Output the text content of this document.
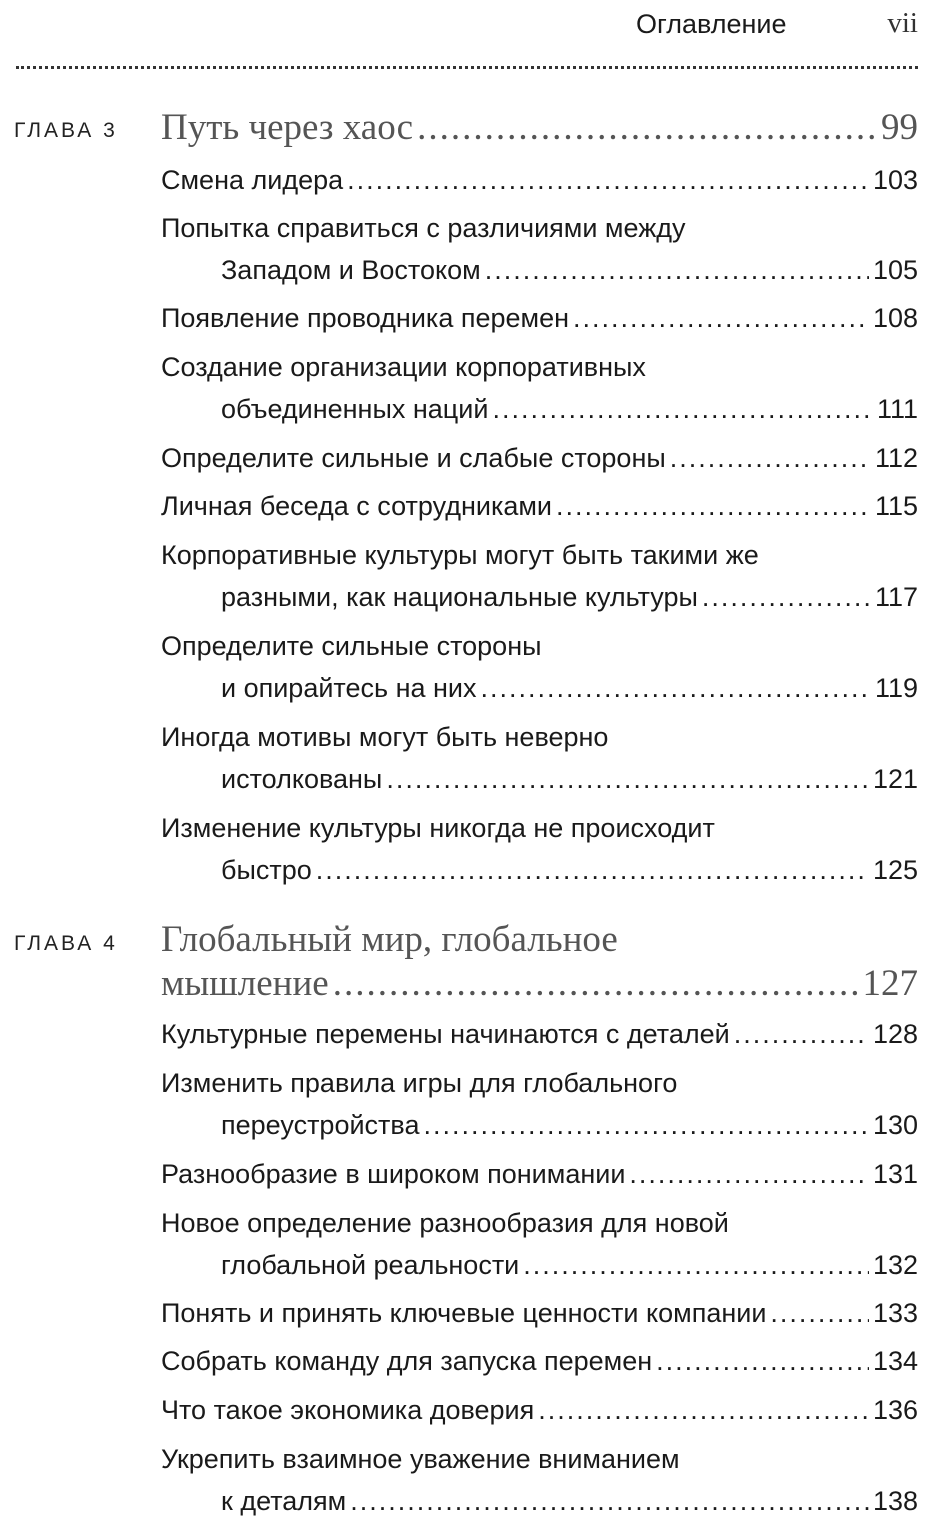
Оглавление	vii
ГЛАВА 3 Путь через хаос .....	99
Смена лидера .....	103
Попытка справиться с различиями между
Западом и Востоком .....	105
Появление проводника перемен .....	108
Создание организации корпоративных
объединенных наций .....	111
Определите сильные и слабые стороны .....	112
Личная беседа с сотрудниками .....	115
Корпоративные культуры могут быть такими же
разными, как национальные культуры .....	117
Определите сильные стороны
и опирайтесь на них .....	119
Иногда мотивы могут быть неверно
истолкованы .....	121
Изменение культуры никогда не происходит
быстро .....	125
ГЛАВА 4 Глобальный мир, глобальное
мышление .....	127
Культурные перемены начинаются с деталей .....	128
Изменить правила игры для глобального
переустройства .....	130
Разнообразие в широком понимании .....	131
Новое определение разнообразия для новой
глобальной реальности .....	132
Понять и принять ключевые ценности компании .....	133
Собрать команду для запуска перемен .....	134
Что такое экономика доверия .....	136
Укрепить взаимное уважение вниманием
к деталям .....	138
